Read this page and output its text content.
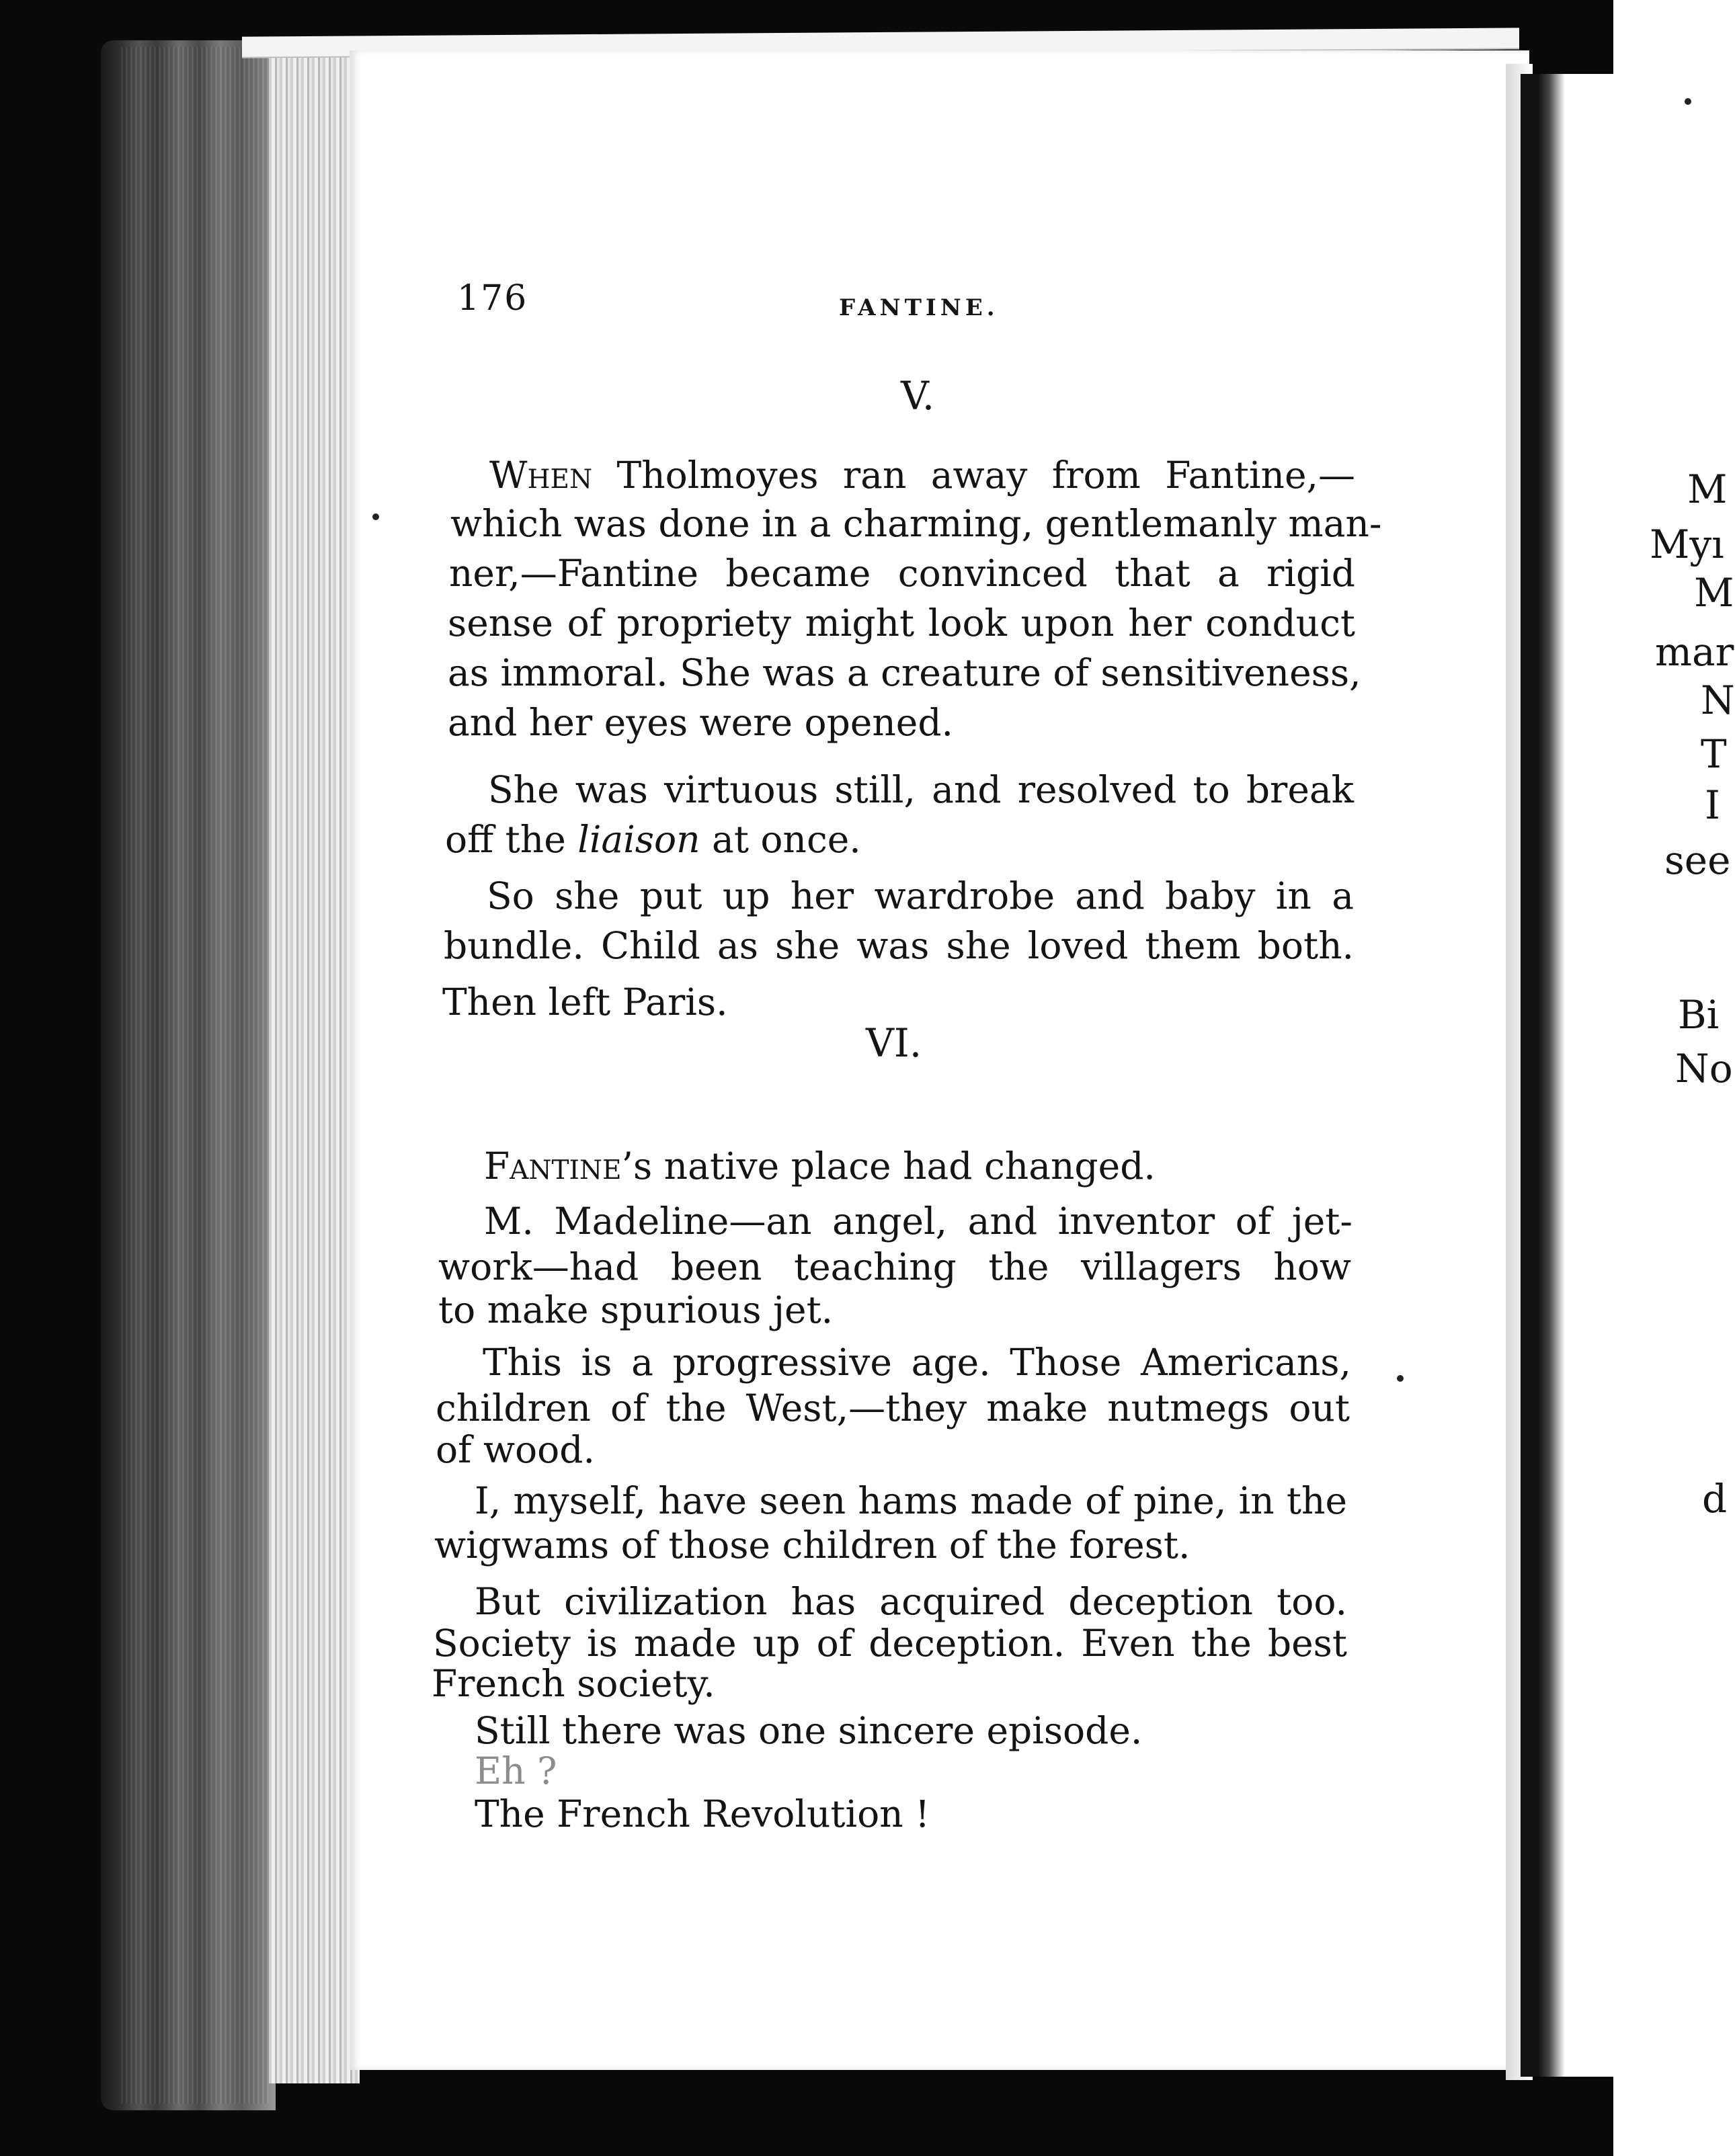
176	FANTINE.
V.
When Tholmoyes ran away from Fantine,—
which was done in a charming, gentlemanly man-
ner,—Fantine became convinced that a rigid
sense of propriety might look upon her conduct
as immoral. She was a creature of sensitiveness,
and her eyes were opened.
She was virtuous still, and resolved to break
off the liaison at once.
So she put up her wardrobe and baby in a
bundle. Child as she was she loved them both.
Then left Paris.
VI.
Fantine’s native place had changed.
M. Madeline—an angel, and inventor of jet-
work—had been teaching the villagers how
to make spurious jet.
This is a progressive age. Those Americans,
children of the West,—they make nutmegs out
of wood.
I, myself, have seen hams made of pine, in the
wigwams of those children of the forest.
But civilization has acquired deception too.
Society is made up of deception. Even the best
French society.
Still there was one sincere episode.
Eh ?
The French Revolution !
M
Myı
M
mar
N
T
I
see
Bi
No
d
